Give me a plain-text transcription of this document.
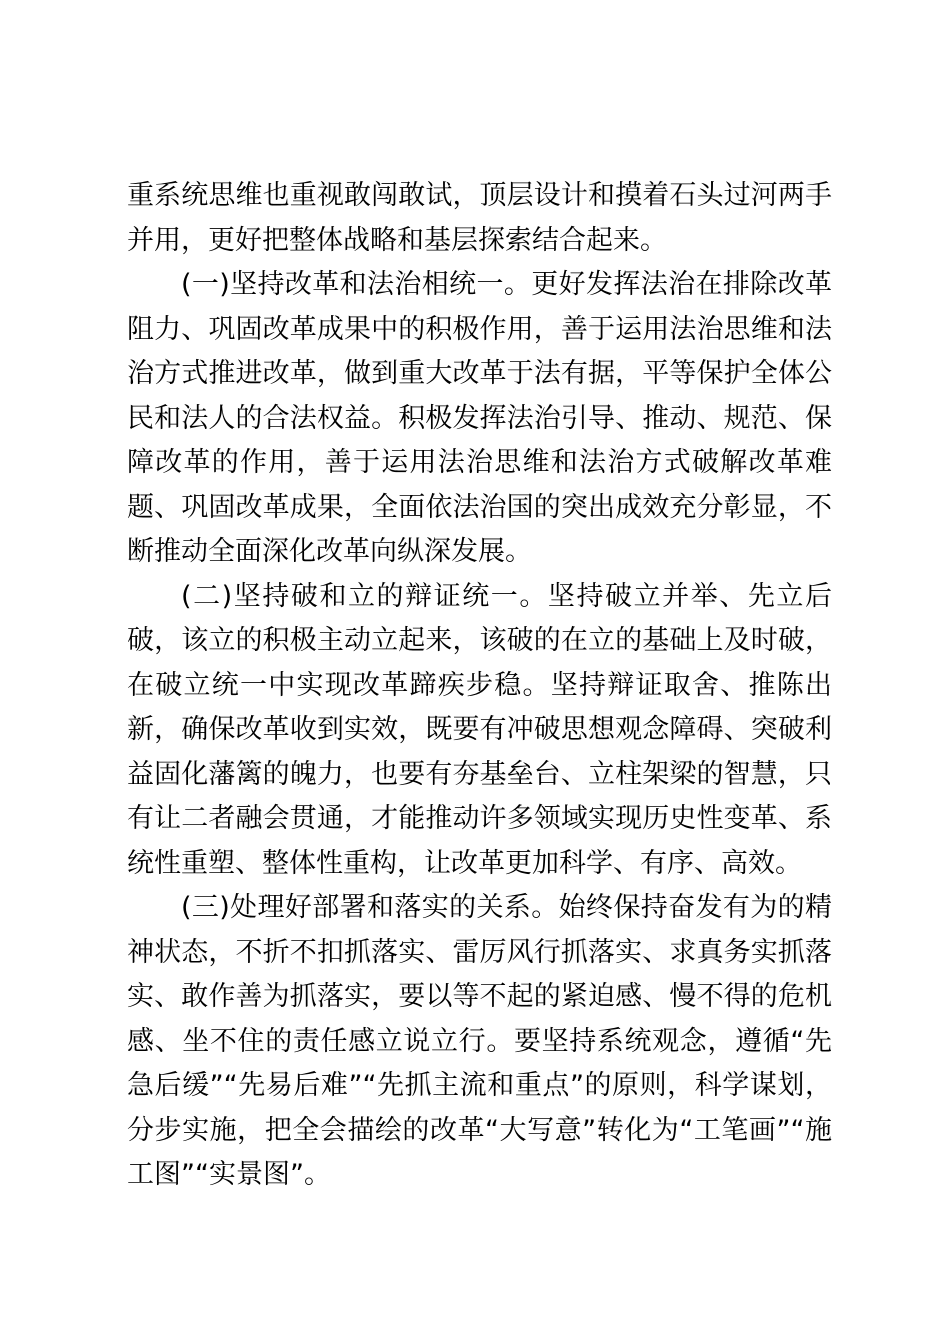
重系统思维也重视敢闯敢试，顶层设计和摸着石头过河两手并用，更好把整体战略和基层探索结合起来。

(一)坚持改革和法治相统一。更好发挥法治在排除改革阻力、巩固改革成果中的积极作用，善于运用法治思维和法治方式推进改革，做到重大改革于法有据，平等保护全体公民和法人的合法权益。积极发挥法治引导、推动、规范、保障改革的作用，善于运用法治思维和法治方式破解改革难题、巩固改革成果，全面依法治国的突出成效充分彰显，不断推动全面深化改革向纵深发展。

(二)坚持破和立的辩证统一。坚持破立并举、先立后破，该立的积极主动立起来，该破的在立的基础上及时破，在破立统一中实现改革蹄疾步稳。坚持辩证取舍、推陈出新，确保改革收到实效，既要有冲破思想观念障碍、突破利益固化藩篱的魄力，也要有夯基垒台、立柱架梁的智慧，只有让二者融会贯通，才能推动许多领域实现历史性变革、系统性重塑、整体性重构，让改革更加科学、有序、高效。

(三)处理好部署和落实的关系。始终保持奋发有为的精神状态，不折不扣抓落实、雷厉风行抓落实、求真务实抓落实、敢作善为抓落实，要以等不起的紧迫感、慢不得的危机感、坐不住的责任感立说立行。要坚持系统观念，遵循“先急后缓”“先易后难”“先抓主流和重点”的原则，科学谋划，分步实施，把全会描绘的改革“大写意”转化为“工笔画”“施工图”“实景图”。
